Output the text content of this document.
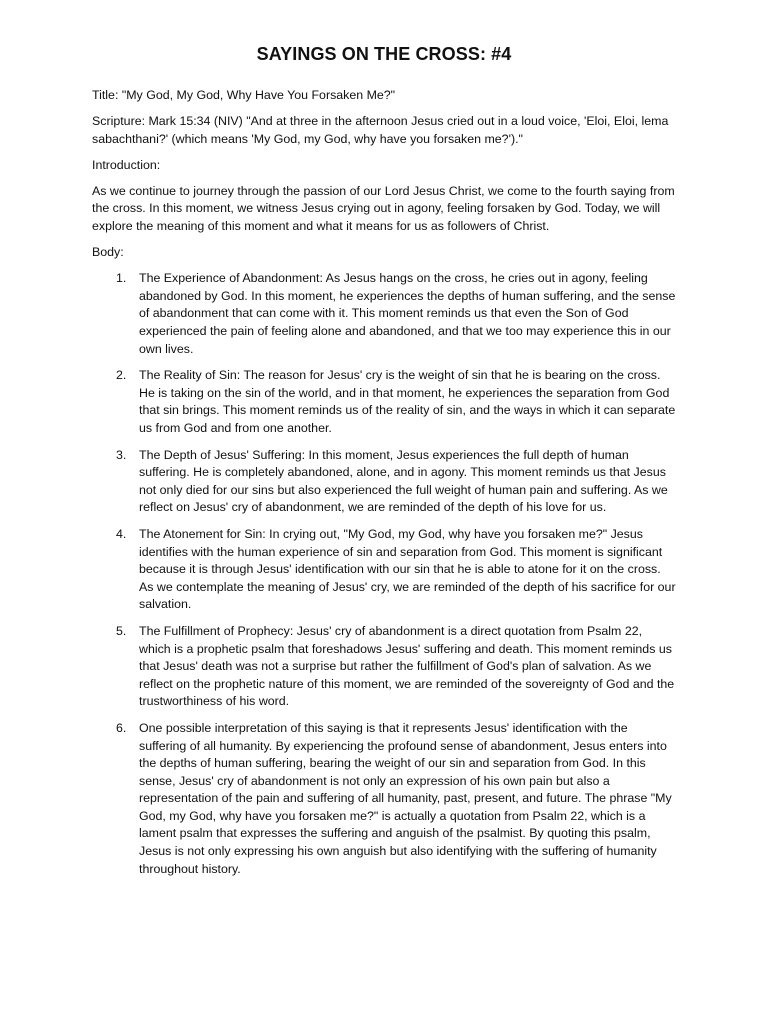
SAYINGS ON THE CROSS: #4

Title: "My God, My God, Why Have You Forsaken Me?"

Scripture: Mark 15:34 (NIV) "And at three in the afternoon Jesus cried out in a loud voice, 'Eloi, Eloi, lema sabachthani?' (which means 'My God, my God, why have you forsaken me?')."

Introduction:

As we continue to journey through the passion of our Lord Jesus Christ, we come to the fourth saying from the cross. In this moment, we witness Jesus crying out in agony, feeling forsaken by God. Today, we will explore the meaning of this moment and what it means for us as followers of Christ.

Body:

1. The Experience of Abandonment: As Jesus hangs on the cross, he cries out in agony, feeling abandoned by God. In this moment, he experiences the depths of human suffering, and the sense of abandonment that can come with it. This moment reminds us that even the Son of God experienced the pain of feeling alone and abandoned, and that we too may experience this in our own lives.
2. The Reality of Sin: The reason for Jesus' cry is the weight of sin that he is bearing on the cross. He is taking on the sin of the world, and in that moment, he experiences the separation from God that sin brings. This moment reminds us of the reality of sin, and the ways in which it can separate us from God and from one another.
3. The Depth of Jesus' Suffering: In this moment, Jesus experiences the full depth of human suffering. He is completely abandoned, alone, and in agony. This moment reminds us that Jesus not only died for our sins but also experienced the full weight of human pain and suffering. As we reflect on Jesus' cry of abandonment, we are reminded of the depth of his love for us.
4. The Atonement for Sin: In crying out, "My God, my God, why have you forsaken me?" Jesus identifies with the human experience of sin and separation from God. This moment is significant because it is through Jesus' identification with our sin that he is able to atone for it on the cross. As we contemplate the meaning of Jesus' cry, we are reminded of the depth of his sacrifice for our salvation.
5. The Fulfillment of Prophecy: Jesus' cry of abandonment is a direct quotation from Psalm 22, which is a prophetic psalm that foreshadows Jesus' suffering and death. This moment reminds us that Jesus' death was not a surprise but rather the fulfillment of God's plan of salvation. As we reflect on the prophetic nature of this moment, we are reminded of the sovereignty of God and the trustworthiness of his word.
6. One possible interpretation of this saying is that it represents Jesus' identification with the suffering of all humanity. By experiencing the profound sense of abandonment, Jesus enters into the depths of human suffering, bearing the weight of our sin and separation from God. In this sense, Jesus' cry of abandonment is not only an expression of his own pain but also a representation of the pain and suffering of all humanity, past, present, and future. The phrase "My God, my God, why have you forsaken me?" is actually a quotation from Psalm 22, which is a lament psalm that expresses the suffering and anguish of the psalmist. By quoting this psalm, Jesus is not only expressing his own anguish but also identifying with the suffering of humanity throughout history.
